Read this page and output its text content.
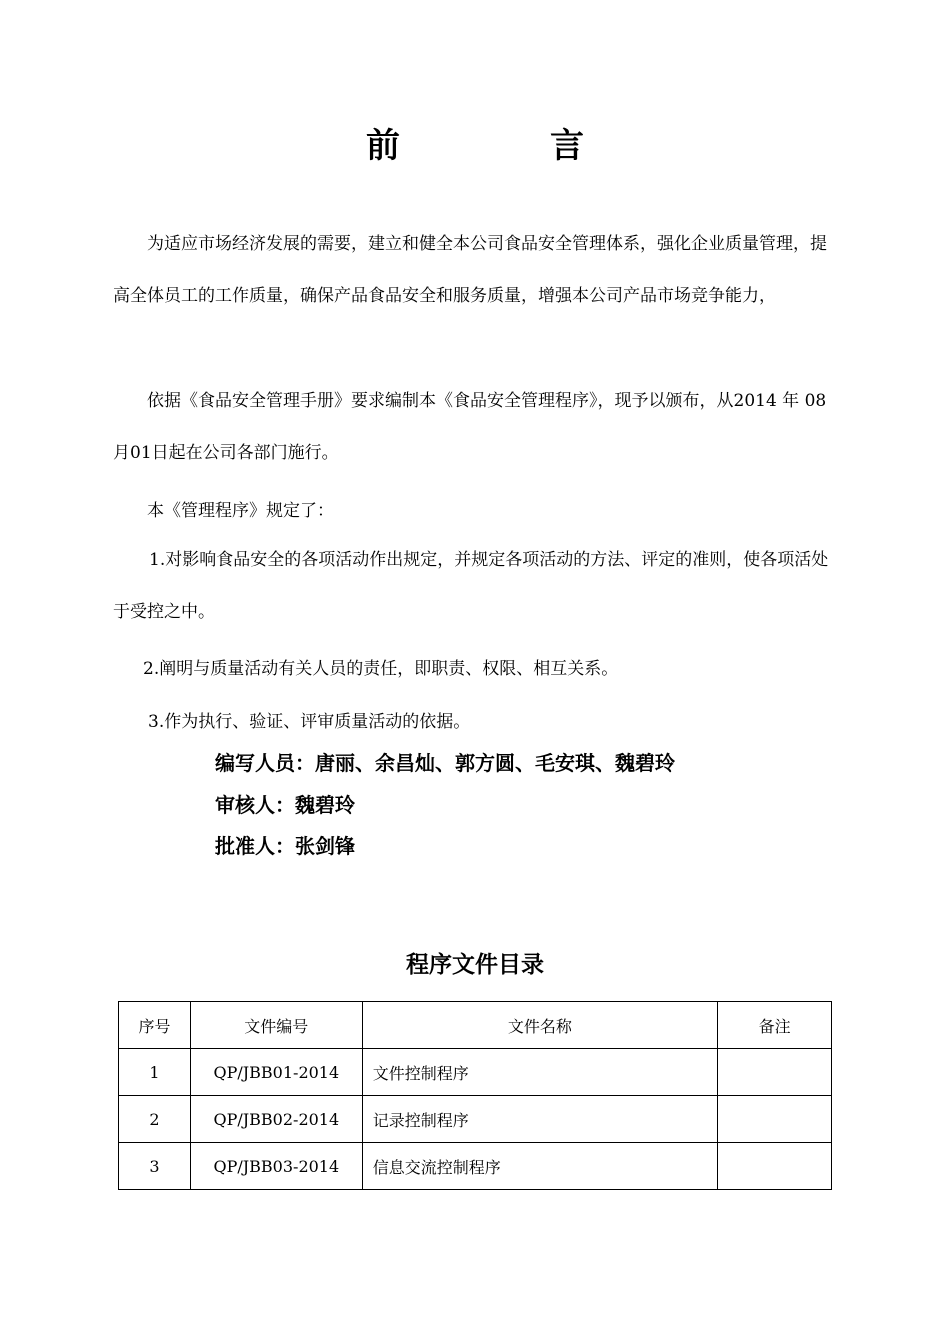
前	言
为适应市场经济发展的需要，建立和健全本公司食品安全管理体系，强化企业质量管理，提高全体员工的工作质量，确保产品食品安全和服务质量，增强本公司产品市场竞争能力，
依据《食品安全管理手册》要求编制本《食品安全管理程序》，现予以颁布，从2014 年 08月01日起在公司各部门施行。
本《管理程序》规定了：
1.对影响食品安全的各项活动作出规定，并规定各项活动的方法、评定的准则，使各项活处于受控之中。
2.阐明与质量活动有关人员的责任，即职责、权限、相互关系。
3.作为执行、验证、评审质量活动的依据。
编写人员：唐丽、余昌灿、郭方圆、毛安琪、魏碧玲
审核人：魏碧玲
批准人：张剑锋
程序文件目录
序号	文件编号	文件名称	备注
1	QP/JBB01-2014	文件控制程序	
2	QP/JBB02-2014	记录控制程序	
3	QP/JBB03-2014	信息交流控制程序	
